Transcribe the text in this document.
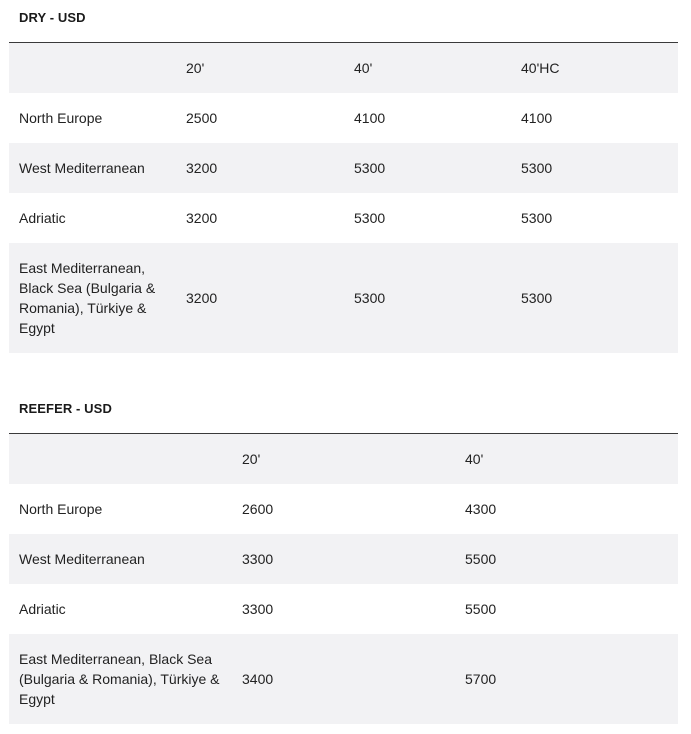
DRY - USD
	20'	40'	40'HC
North Europe	2500	4100	4100
West Mediterranean	3200	5300	5300
Adriatic	3200	5300	5300
East Mediterranean, Black Sea (Bulgaria & Romania), Türkiye & Egypt	3200	5300	5300
REEFER - USD
	20'	40'
North Europe	2600	4300
West Mediterranean	3300	5500
Adriatic	3300	5500
East Mediterranean, Black Sea (Bulgaria & Romania), Türkiye & Egypt	3400	5700
